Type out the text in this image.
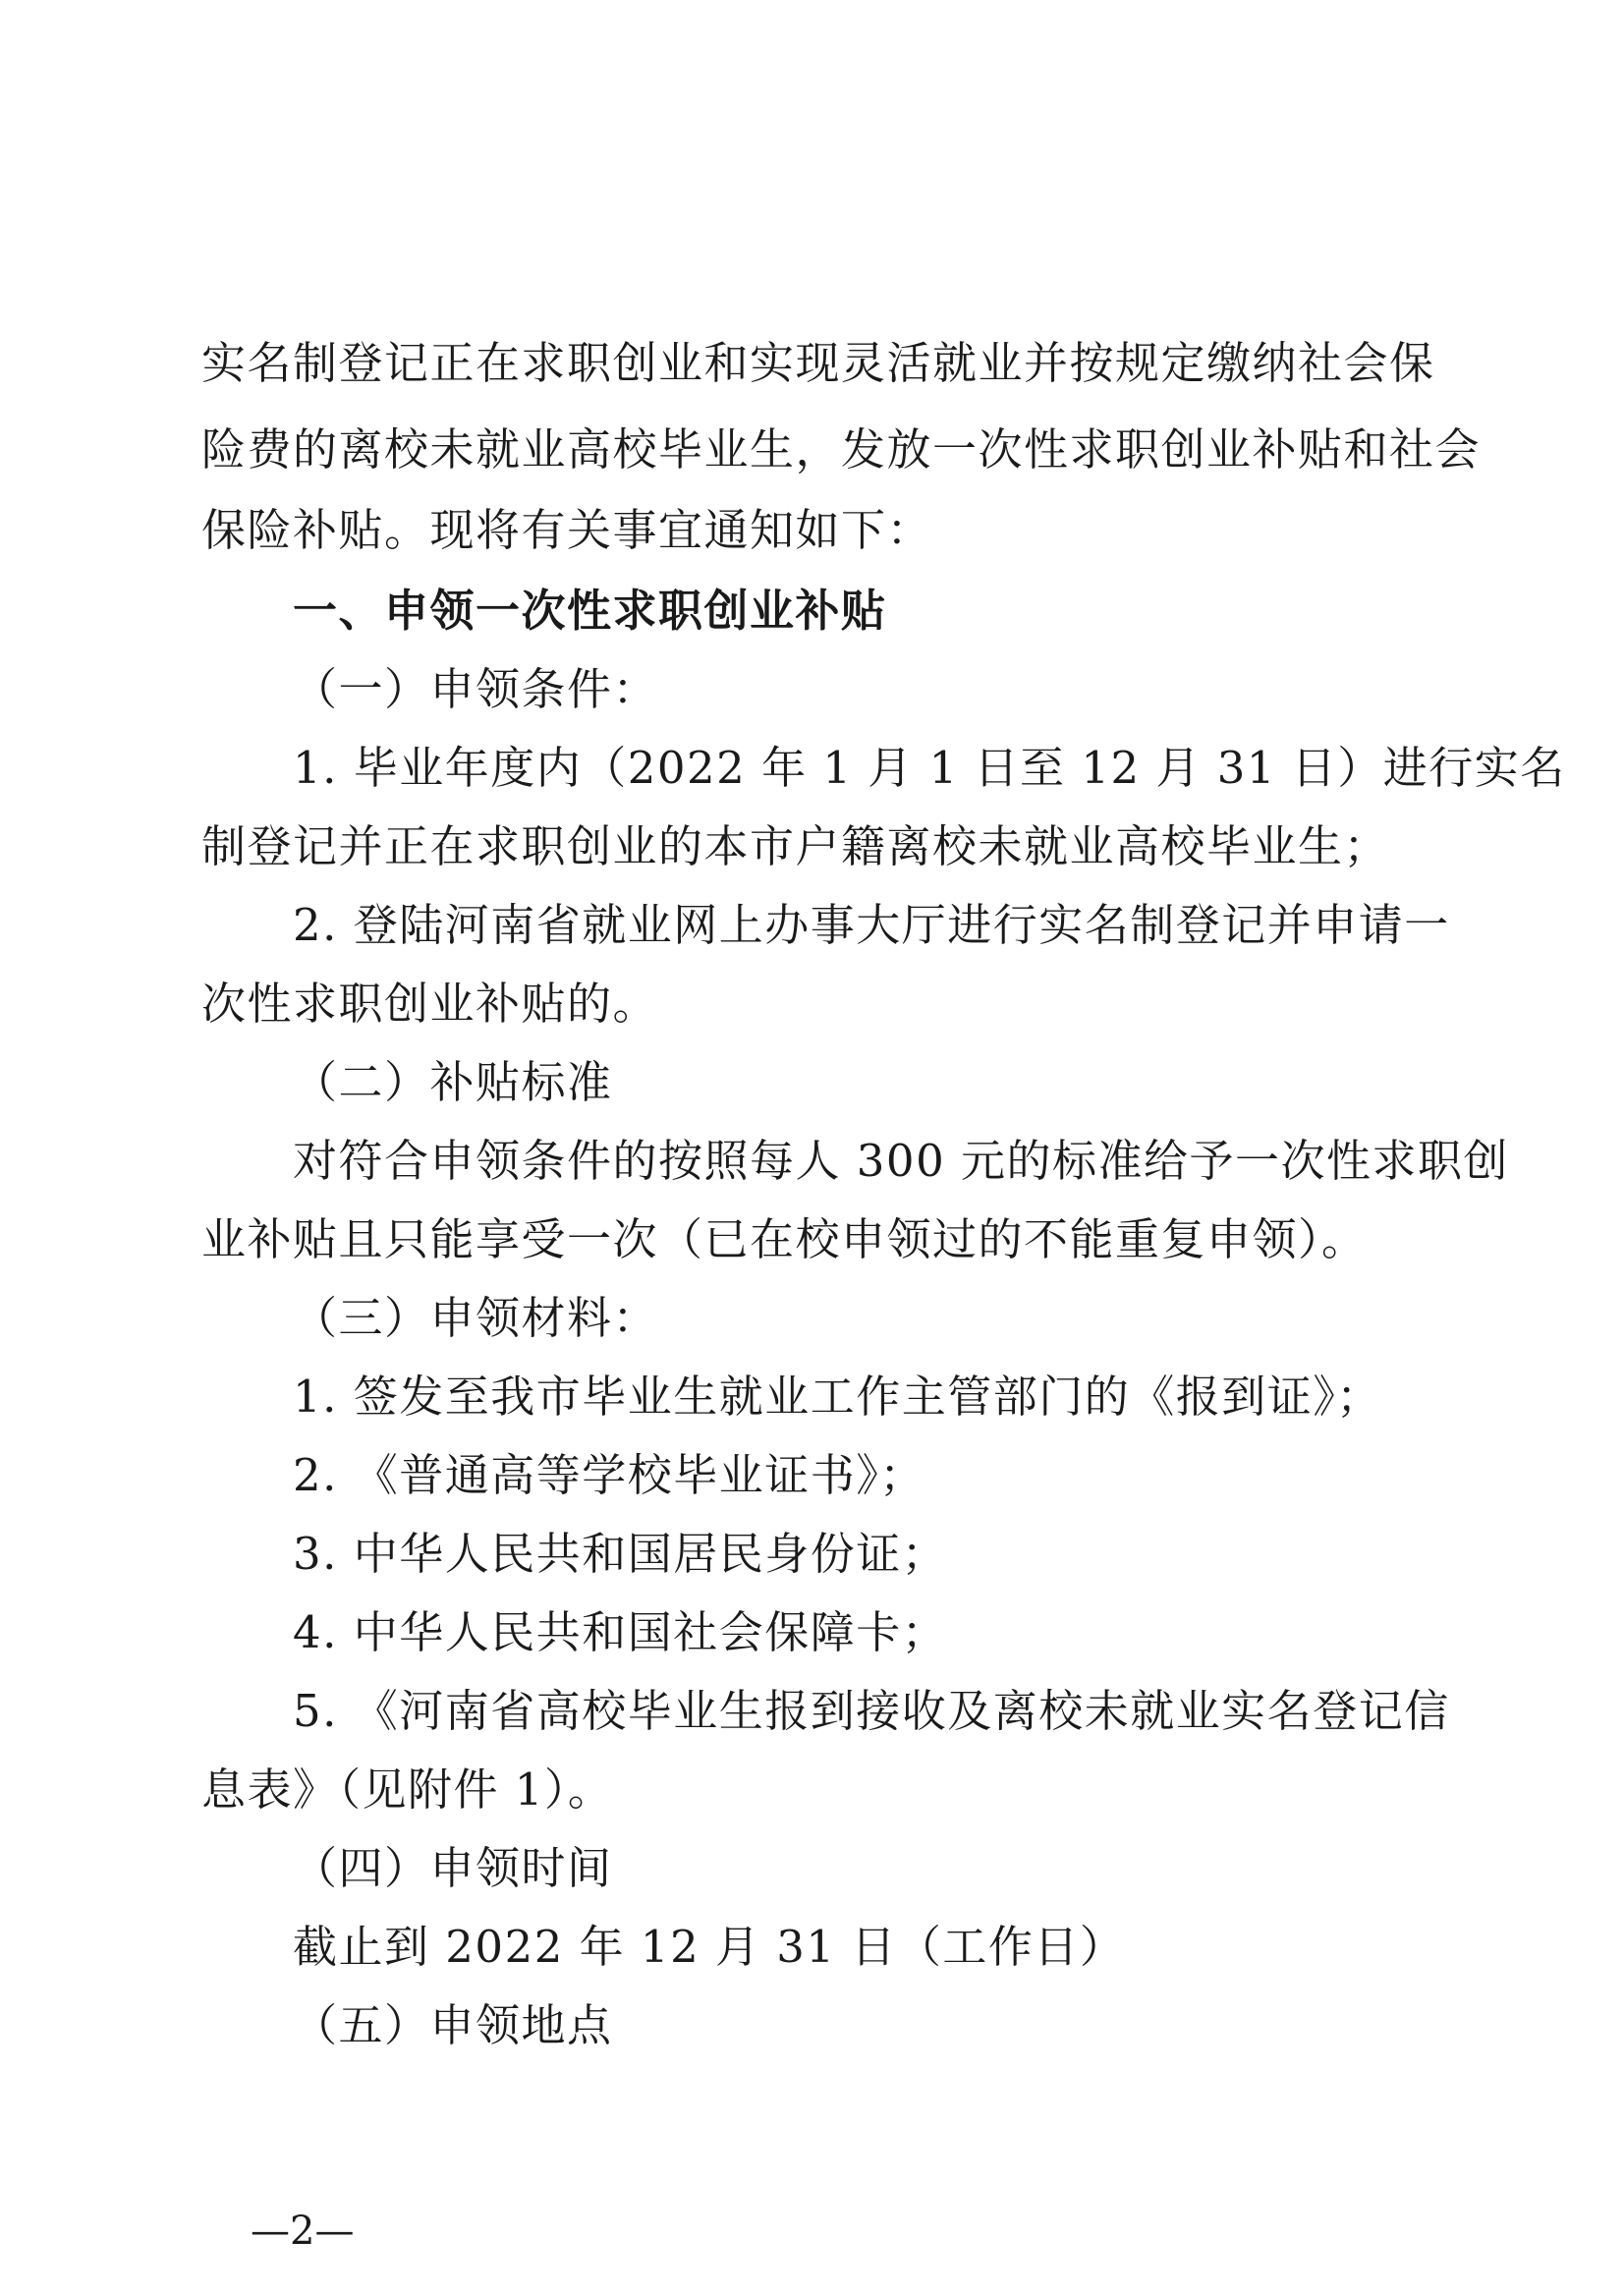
实名制登记正在求职创业和实现灵活就业并按规定缴纳社会保
险费的离校未就业高校毕业生，发放一次性求职创业补贴和社会
保险补贴。现将有关事宜通知如下：
一、申领一次性求职创业补贴
（一）申领条件：
1. 毕业年度内（2022 年 1 月 1 日至 12 月 31 日）进行实名
制登记并正在求职创业的本市户籍离校未就业高校毕业生；
2. 登陆河南省就业网上办事大厅进行实名制登记并申请一
次性求职创业补贴的。
（二）补贴标准
对符合申领条件的按照每人 300 元的标准给予一次性求职创
业补贴且只能享受一次（已在校申领过的不能重复申领）。
（三）申领材料：
1. 签发至我市毕业生就业工作主管部门的《报到证》；
2. 《普通高等学校毕业证书》；
3. 中华人民共和国居民身份证；
4. 中华人民共和国社会保障卡；
5. 《河南省高校毕业生报到接收及离校未就业实名登记信
息表》（见附件 1）。
（四）申领时间
截止到 2022 年 12 月 31 日（工作日）
（五）申领地点
—2—
